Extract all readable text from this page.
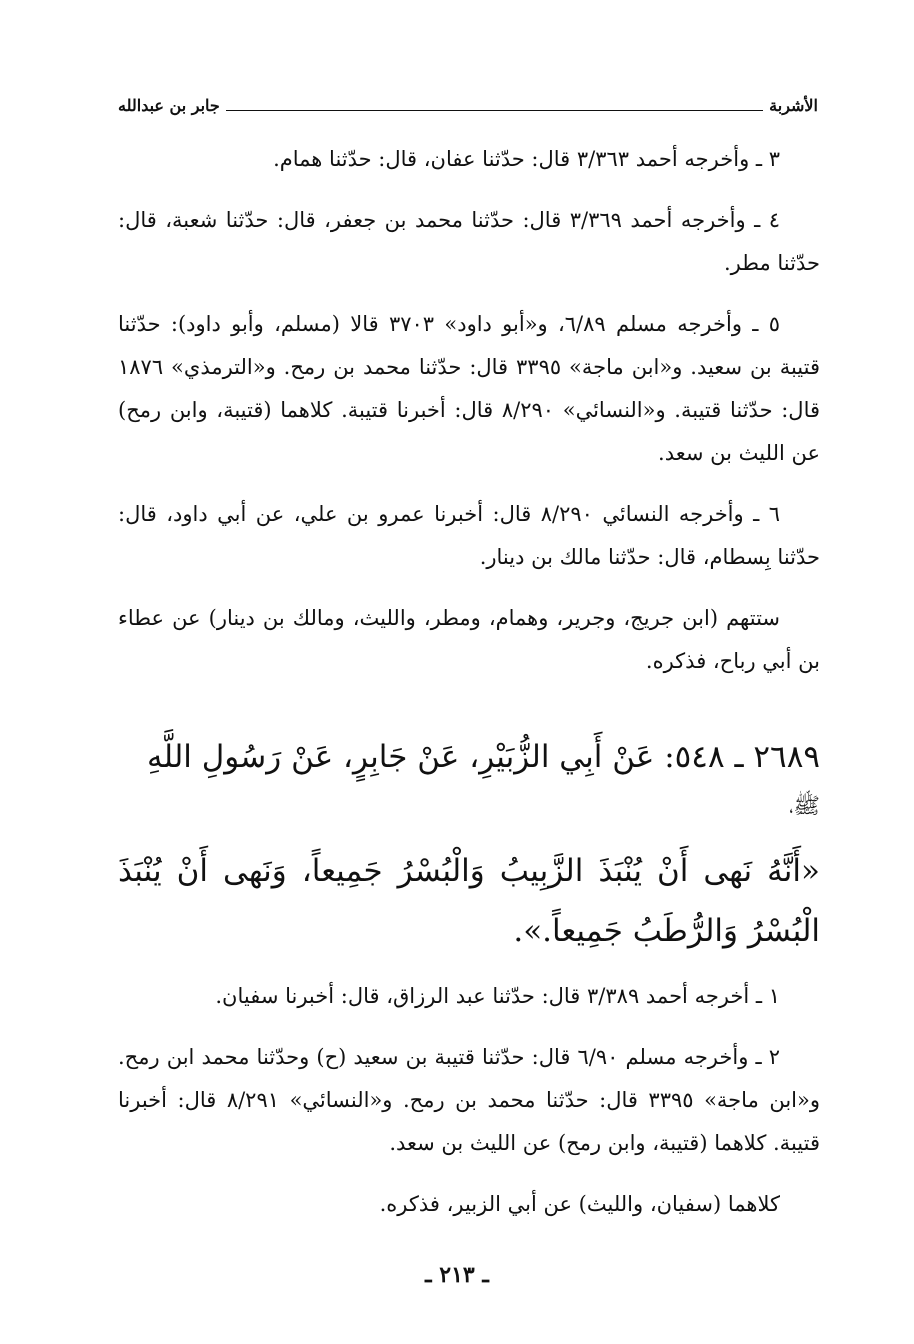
الأشربة
جابر بن عبدالله

٣ ـ وأخرجه أحمد ٣/٣٦٣ قال: حدّثنا عفان، قال: حدّثنا همام.

٤ ـ وأخرجه أحمد ٣/٣٦٩ قال: حدّثنا محمد بن جعفر، قال: حدّثنا شعبة، قال: حدّثنا مطر.

٥ ـ وأخرجه مسلم ٦/٨٩، و«أبو داود» ٣٧٠٣ قالا (مسلم، وأبو داود): حدّثنا قتيبة بن سعيد. و«ابن ماجة» ٣٣٩٥ قال: حدّثنا محمد بن رمح. و«الترمذي» ١٨٧٦ قال: حدّثنا قتيبة. و«النسائي» ٨/٢٩٠ قال: أخبرنا قتيبة. كلاهما (قتيبة، وابن رمح) عن الليث بن سعد.

٦ ـ وأخرجه النسائي ٨/٢٩٠ قال: أخبرنا عمرو بن علي، عن أبي داود، قال: حدّثنا بِسطام، قال: حدّثنا مالك بن دينار.

ستتهم (ابن جريج، وجرير، وهمام، ومطر، والليث، ومالك بن دينار) عن عطاء بن أبي رباح، فذكره.

٢٦٨٩ ـ ٥٤٨: عَنْ أَبِي الزُّبَيْرِ، عَنْ جَابِرٍ، عَنْ رَسُولِ اللَّهِ
ﷺ،

«أَنَّهُ نَهى أَنْ يُنْبَذَ الزَّبِيبُ وَالْبُسْرُ جَمِيعاً، وَنَهى أَنْ يُنْبَذَ الْبُسْرُ وَالرُّطَبُ جَمِيعاً.».

١ ـ أخرجه أحمد ٣/٣٨٩ قال: حدّثنا عبد الرزاق، قال: أخبرنا سفيان.

٢ ـ وأخرجه مسلم ٦/٩٠ قال: حدّثنا قتيبة بن سعيد (ح) وحدّثنا محمد ابن رمح. و«ابن ماجة» ٣٣٩٥ قال: حدّثنا محمد بن رمح. و«النسائي» ٨/٢٩١ قال: أخبرنا قتيبة. كلاهما (قتيبة، وابن رمح) عن الليث بن سعد.

كلاهما (سفيان، والليث) عن أبي الزبير، فذكره.

ـ ٢١٣ ـ
